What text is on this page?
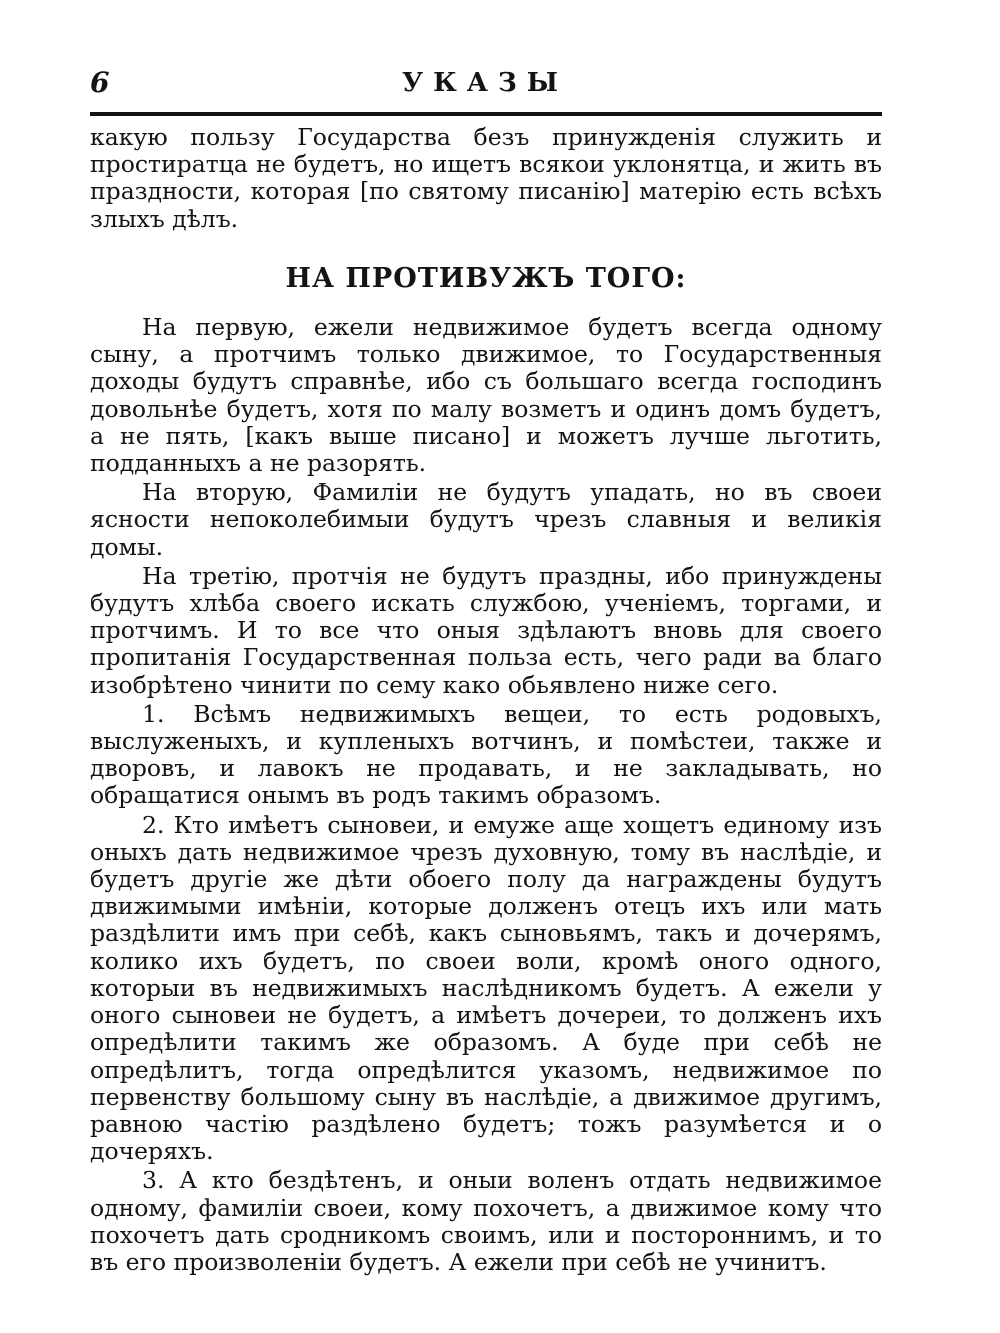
6	УКАЗЫ

какую пользу Государства безъ принужденія служить и простиратца не будетъ, но ищетъ всякои уклонятца, и жить въ праздности, которая [по святому писанію] матерію есть всѣхъ злыхъ дѣлъ.

НА ПРОТИВУЖЪ ТОГО:

На первую, ежели недвижимое будетъ всегда одному сыну, а протчимъ только движимое, то Государственныя доходы будутъ справнѣе, ибо съ большаго всегда господинъ довольнѣе будетъ, хотя по малу возметъ и одинъ домъ будетъ, а не пять, [какъ выше писано] и можетъ лучше льготить, подданныхъ а не разорять.

На вторую, Фамиліи не будутъ упадать, но въ своеи ясности непоколебимыи будутъ чрезъ славныя и великія домы.

На третію, протчія не будутъ праздны, ибо принуждены будутъ хлѣба своего искать службою, ученіемъ, торгами, и протчимъ. И то все что оныя здѣлаютъ вновь для своего пропитанія Государственная польза есть, чего ради ва благо изобрѣтено чинити по сему како обьявлено ниже сего.

1. Всѣмъ недвижимыхъ вещеи, то есть родовыхъ, выслуженыхъ, и купленыхъ вотчинъ, и помѣстеи, также и дворовъ, и лавокъ не продавать, и не закладывать, но обращатися онымъ въ родъ такимъ образомъ.

2. Кто имѣетъ сыновеи, и емуже аще хощетъ единому изъ оныхъ дать недвижимое чрезъ духовную, тому въ наслѣдіе, и будетъ другіе же дѣти обоего полу да награждены будутъ движимыми имѣніи, которые долженъ отецъ ихъ или мать раздѣлити имъ при себѣ, какъ сыновьямъ, такъ и дочерямъ, колико ихъ будетъ, по своеи воли, кромѣ оного одного, которыи въ недвижимыхъ наслѣдникомъ будетъ. А ежели у оного сыновеи не будетъ, а имѣетъ дочереи, то долженъ ихъ опредѣлити такимъ же образомъ. А буде при себѣ не опредѣлитъ, тогда опредѣлится указомъ, недвижимое по первенству большому сыну въ наслѣдіе, а движимое другимъ, равною частію раздѣлено будетъ; тожъ разумѣется и о дочеряхъ.

3. А кто бездѣтенъ, и оныи воленъ отдать недвижимое одному, фамиліи своеи, кому похочетъ, а движимое кому что похочетъ дать сродникомъ своимъ, или и постороннимъ, и то въ его произволеніи будетъ. А ежели при себѣ не учинитъ.
